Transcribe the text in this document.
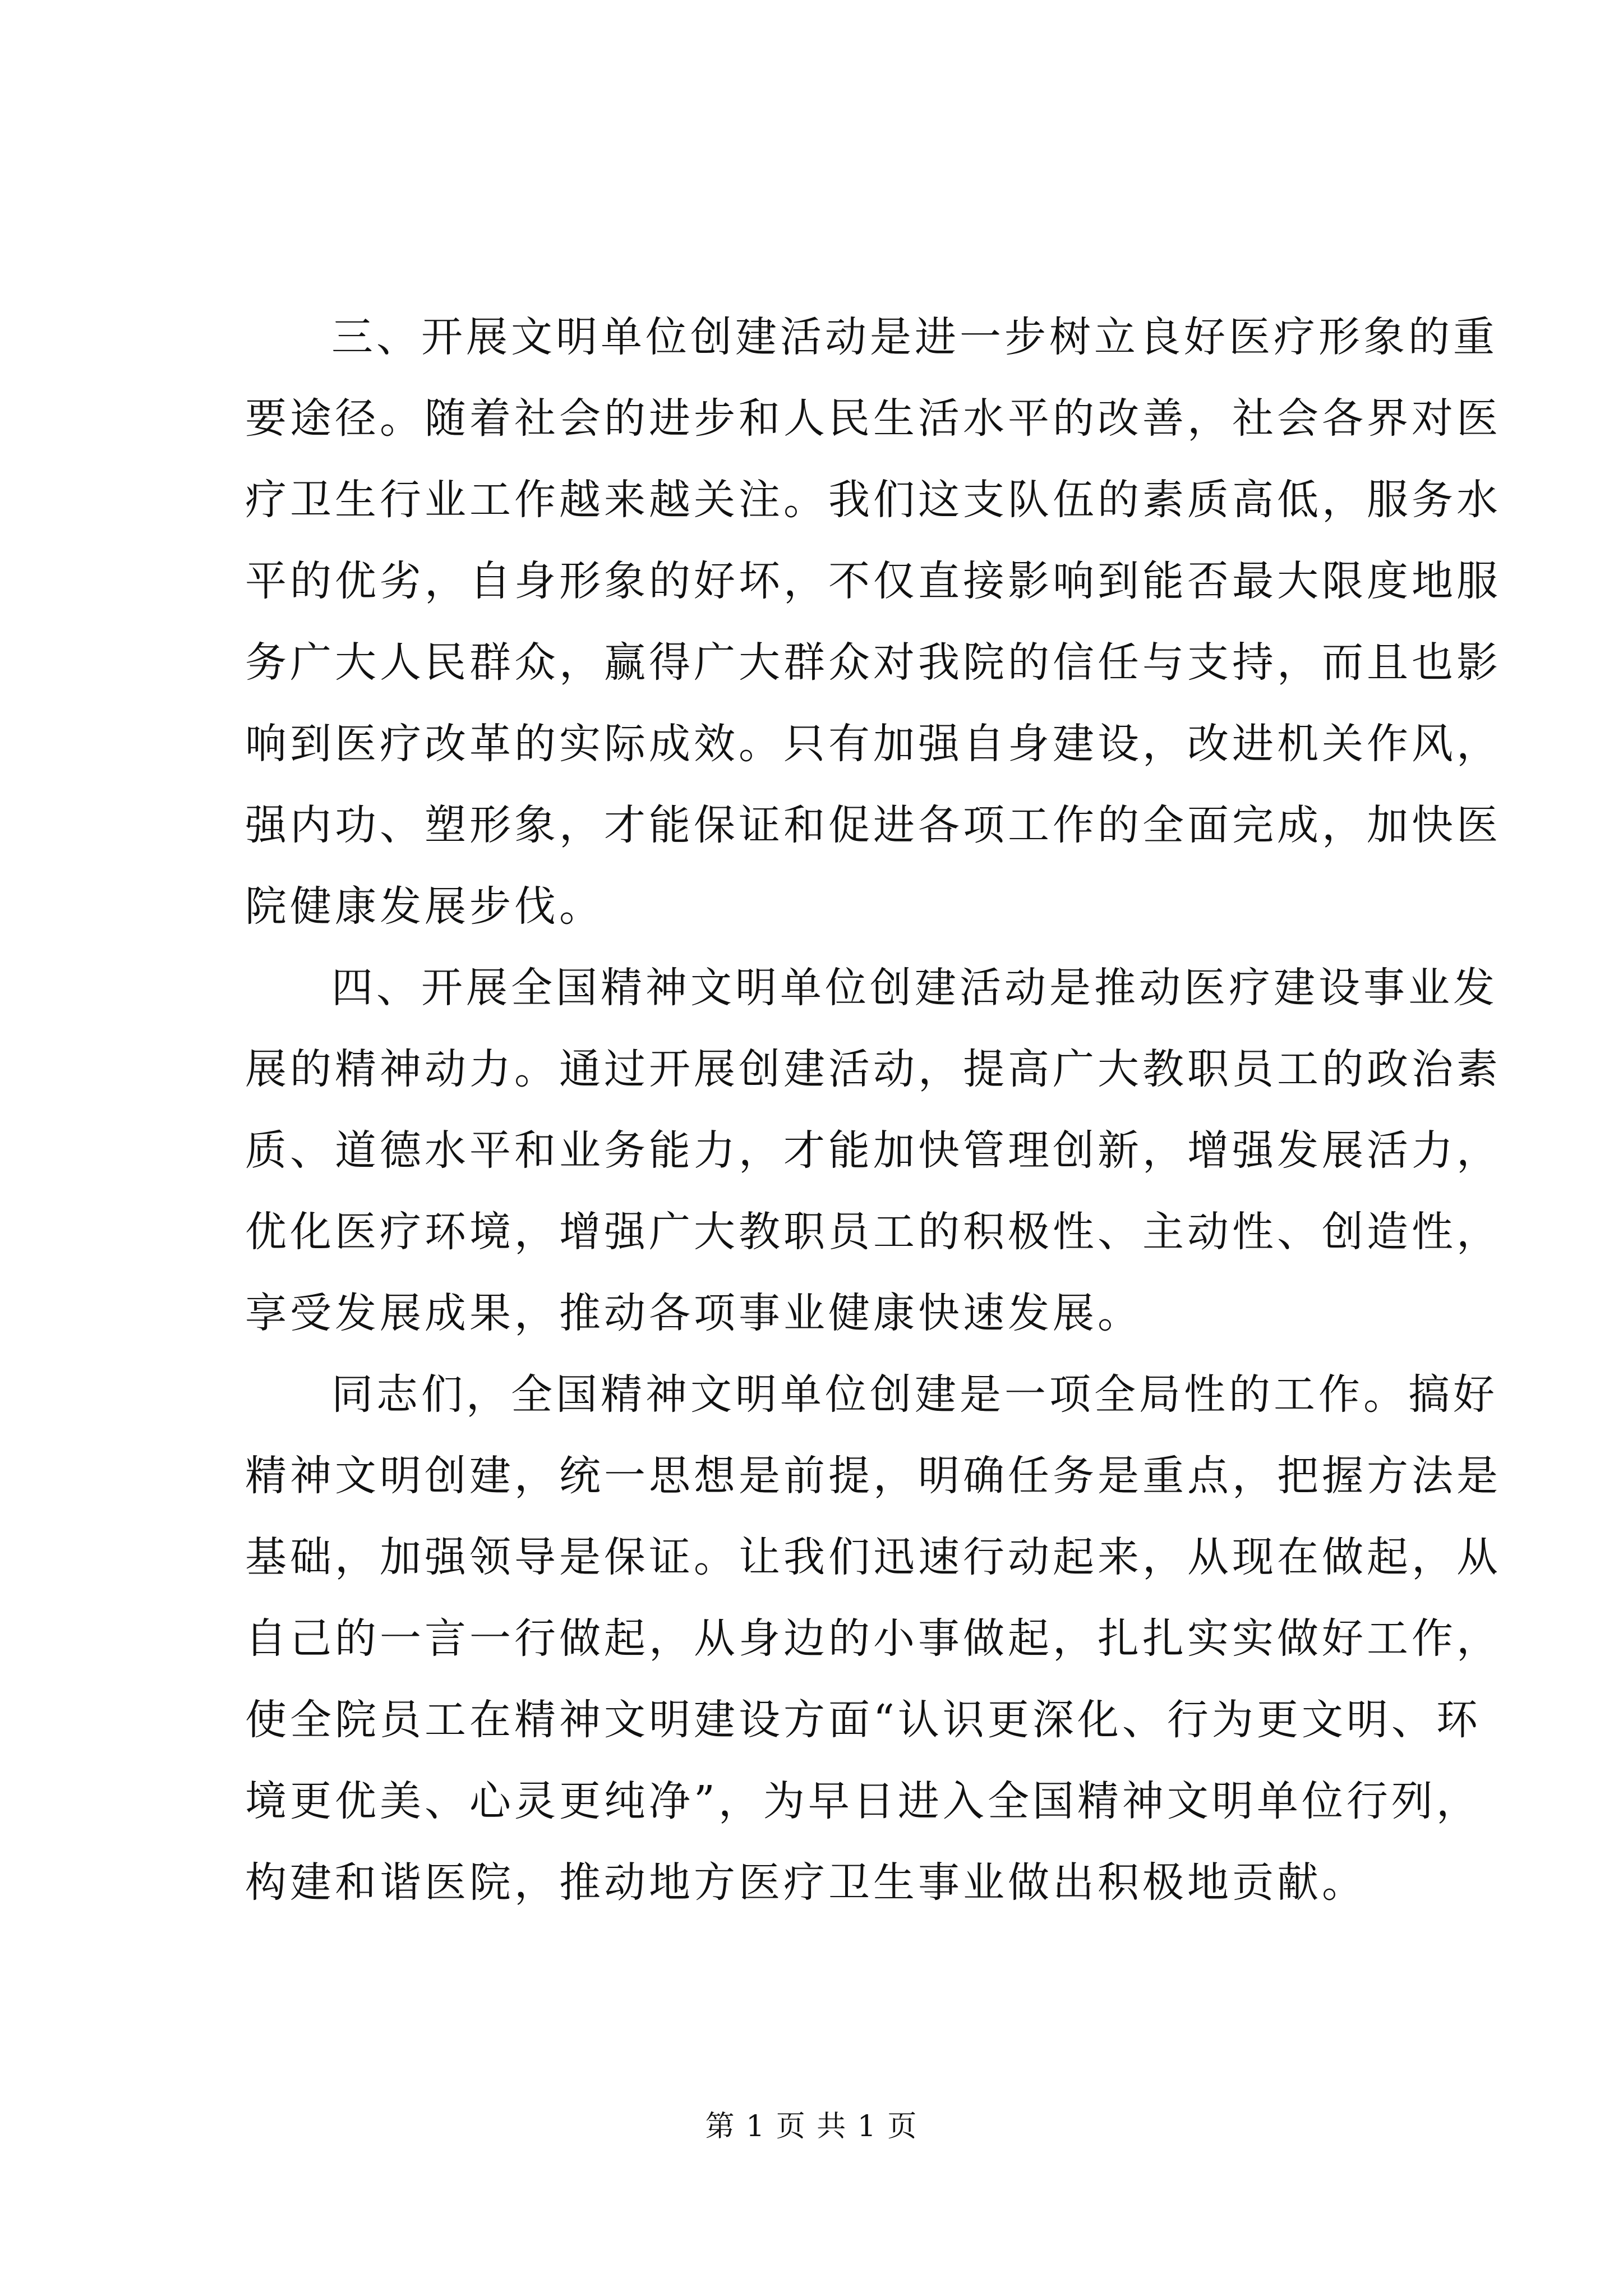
三、开展文明单位创建活动是进一步树立良好医疗形象的重
要途径。随着社会的进步和人民生活水平的改善，社会各界对医
疗卫生行业工作越来越关注。我们这支队伍的素质高低，服务水
平的优劣，自身形象的好坏，不仅直接影响到能否最大限度地服
务广大人民群众，赢得广大群众对我院的信任与支持，而且也影
响到医疗改革的实际成效。只有加强自身建设，改进机关作风，
强内功、塑形象，才能保证和促进各项工作的全面完成，加快医
院健康发展步伐。

四、开展全国精神文明单位创建活动是推动医疗建设事业发
展的精神动力。通过开展创建活动，提高广大教职员工的政治素
质、道德水平和业务能力，才能加快管理创新，增强发展活力，
优化医疗环境，增强广大教职员工的积极性、主动性、创造性，
享受发展成果，推动各项事业健康快速发展。

同志们，全国精神文明单位创建是一项全局性的工作。搞好
精神文明创建，统一思想是前提，明确任务是重点，把握方法是
基础，加强领导是保证。让我们迅速行动起来，从现在做起，从
自己的一言一行做起，从身边的小事做起，扎扎实实做好工作，
使全院员工在精神文明建设方面“认识更深化、行为更文明、环
境更优美、心灵更纯净”，为早日进入全国精神文明单位行列，
构建和谐医院，推动地方医疗卫生事业做出积极地贡献。

第 1 页 共 1 页
